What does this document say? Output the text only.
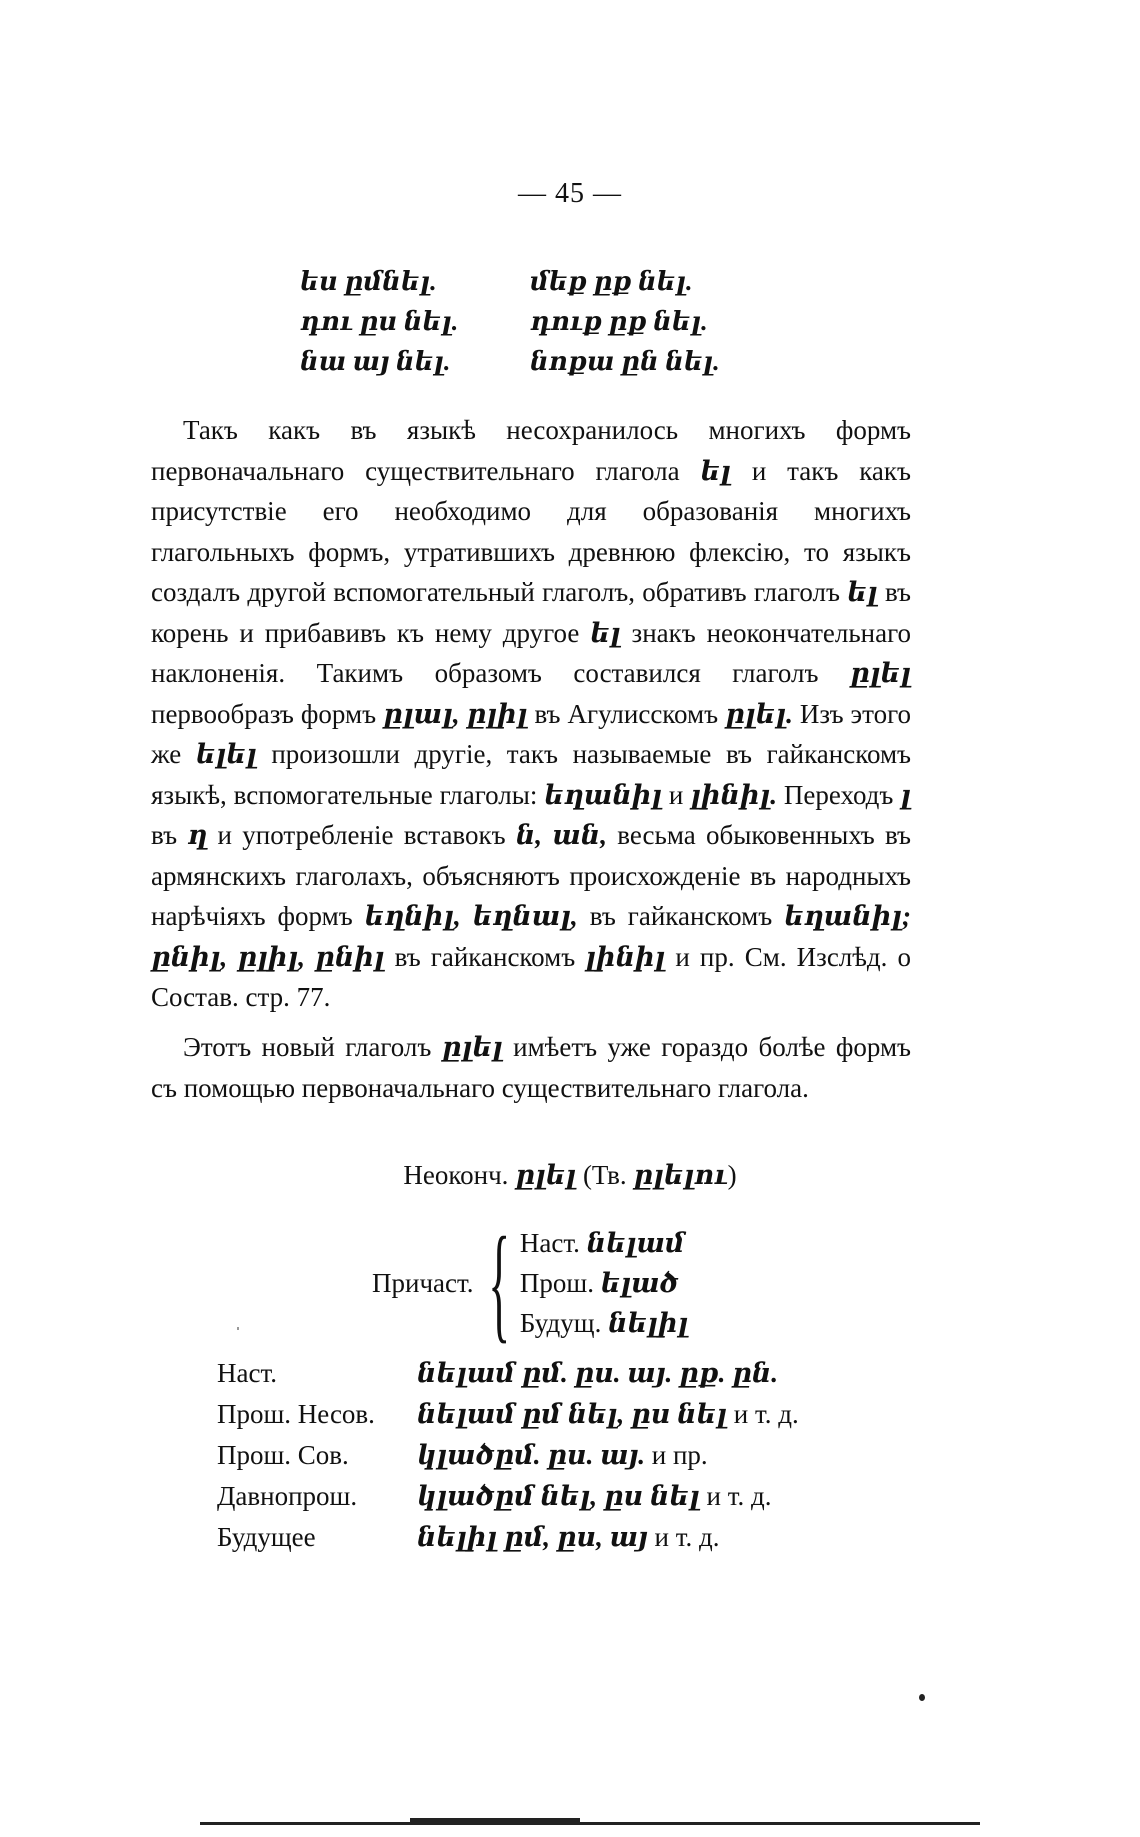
— 45 —
ես ըմնել.	մեք ըք նել.
դու ըս նել.	դուք ըք նել.
նա այ նել.	նոքա ըն նել.

Такъ какъ въ языкѣ несохранилось многихъ формъ первоначальнаго существительнаго глагола ել и такъ какъ присутствіе его необходимо для образованія многихъ глагольныхъ формъ, утратившихъ древнюю флексію, то языкъ создалъ другой вспомогательный глаголъ, обративъ глаголъ ել въ корень и прибавивъ къ нему другое ել знакъ неокончательнаго наклоненія. Такимъ образомъ составился глаголъ ըլել первообразъ формъ ըլալ, ըլիլ въ Агулисскомъ ըլել. Изъ этого же ելել произошли другіе, такъ называемые въ гайканскомъ языкѣ, вспомогательные глаголы: եղանիլ и լինիլ. Переходъ լ въ ղ и употребленіе вставокъ ն, ան, весьма обыковенныхъ въ армянскихъ глаголахъ, объясняютъ происхожденіе въ народныхъ нарѣчіяхъ формъ եղնիլ, եղնալ, въ гайканскомъ եղանիլ; ընիլ, ըլիլ, ընիլ въ гайканскомъ լինիլ и пр. См. Изслѣд. о Состав. стр. 77.

Этотъ новый глаголъ ըլել имѣетъ уже гораздо болѣе формъ съ помощью первоначальнаго существительнаго глагола.

Неоконч. ըլել (Тв. ըլելու)
Причаст. { Наст. նելամ
Прош. ելած
Будущ. նելիլ
Наст.	նելամ ըմ. ըս. այ. ըք. ըն.
Прош. Несов.	նելամ ըմ նել, ըս նել и т. д.
Прош. Сов.	կլածըմ. ըս. այ. и пр.
Давнопрош.	կլածըմ նել, ըս նել и т. д.
Будущее	նելիլ ըմ, ըս, այ и т. д.
